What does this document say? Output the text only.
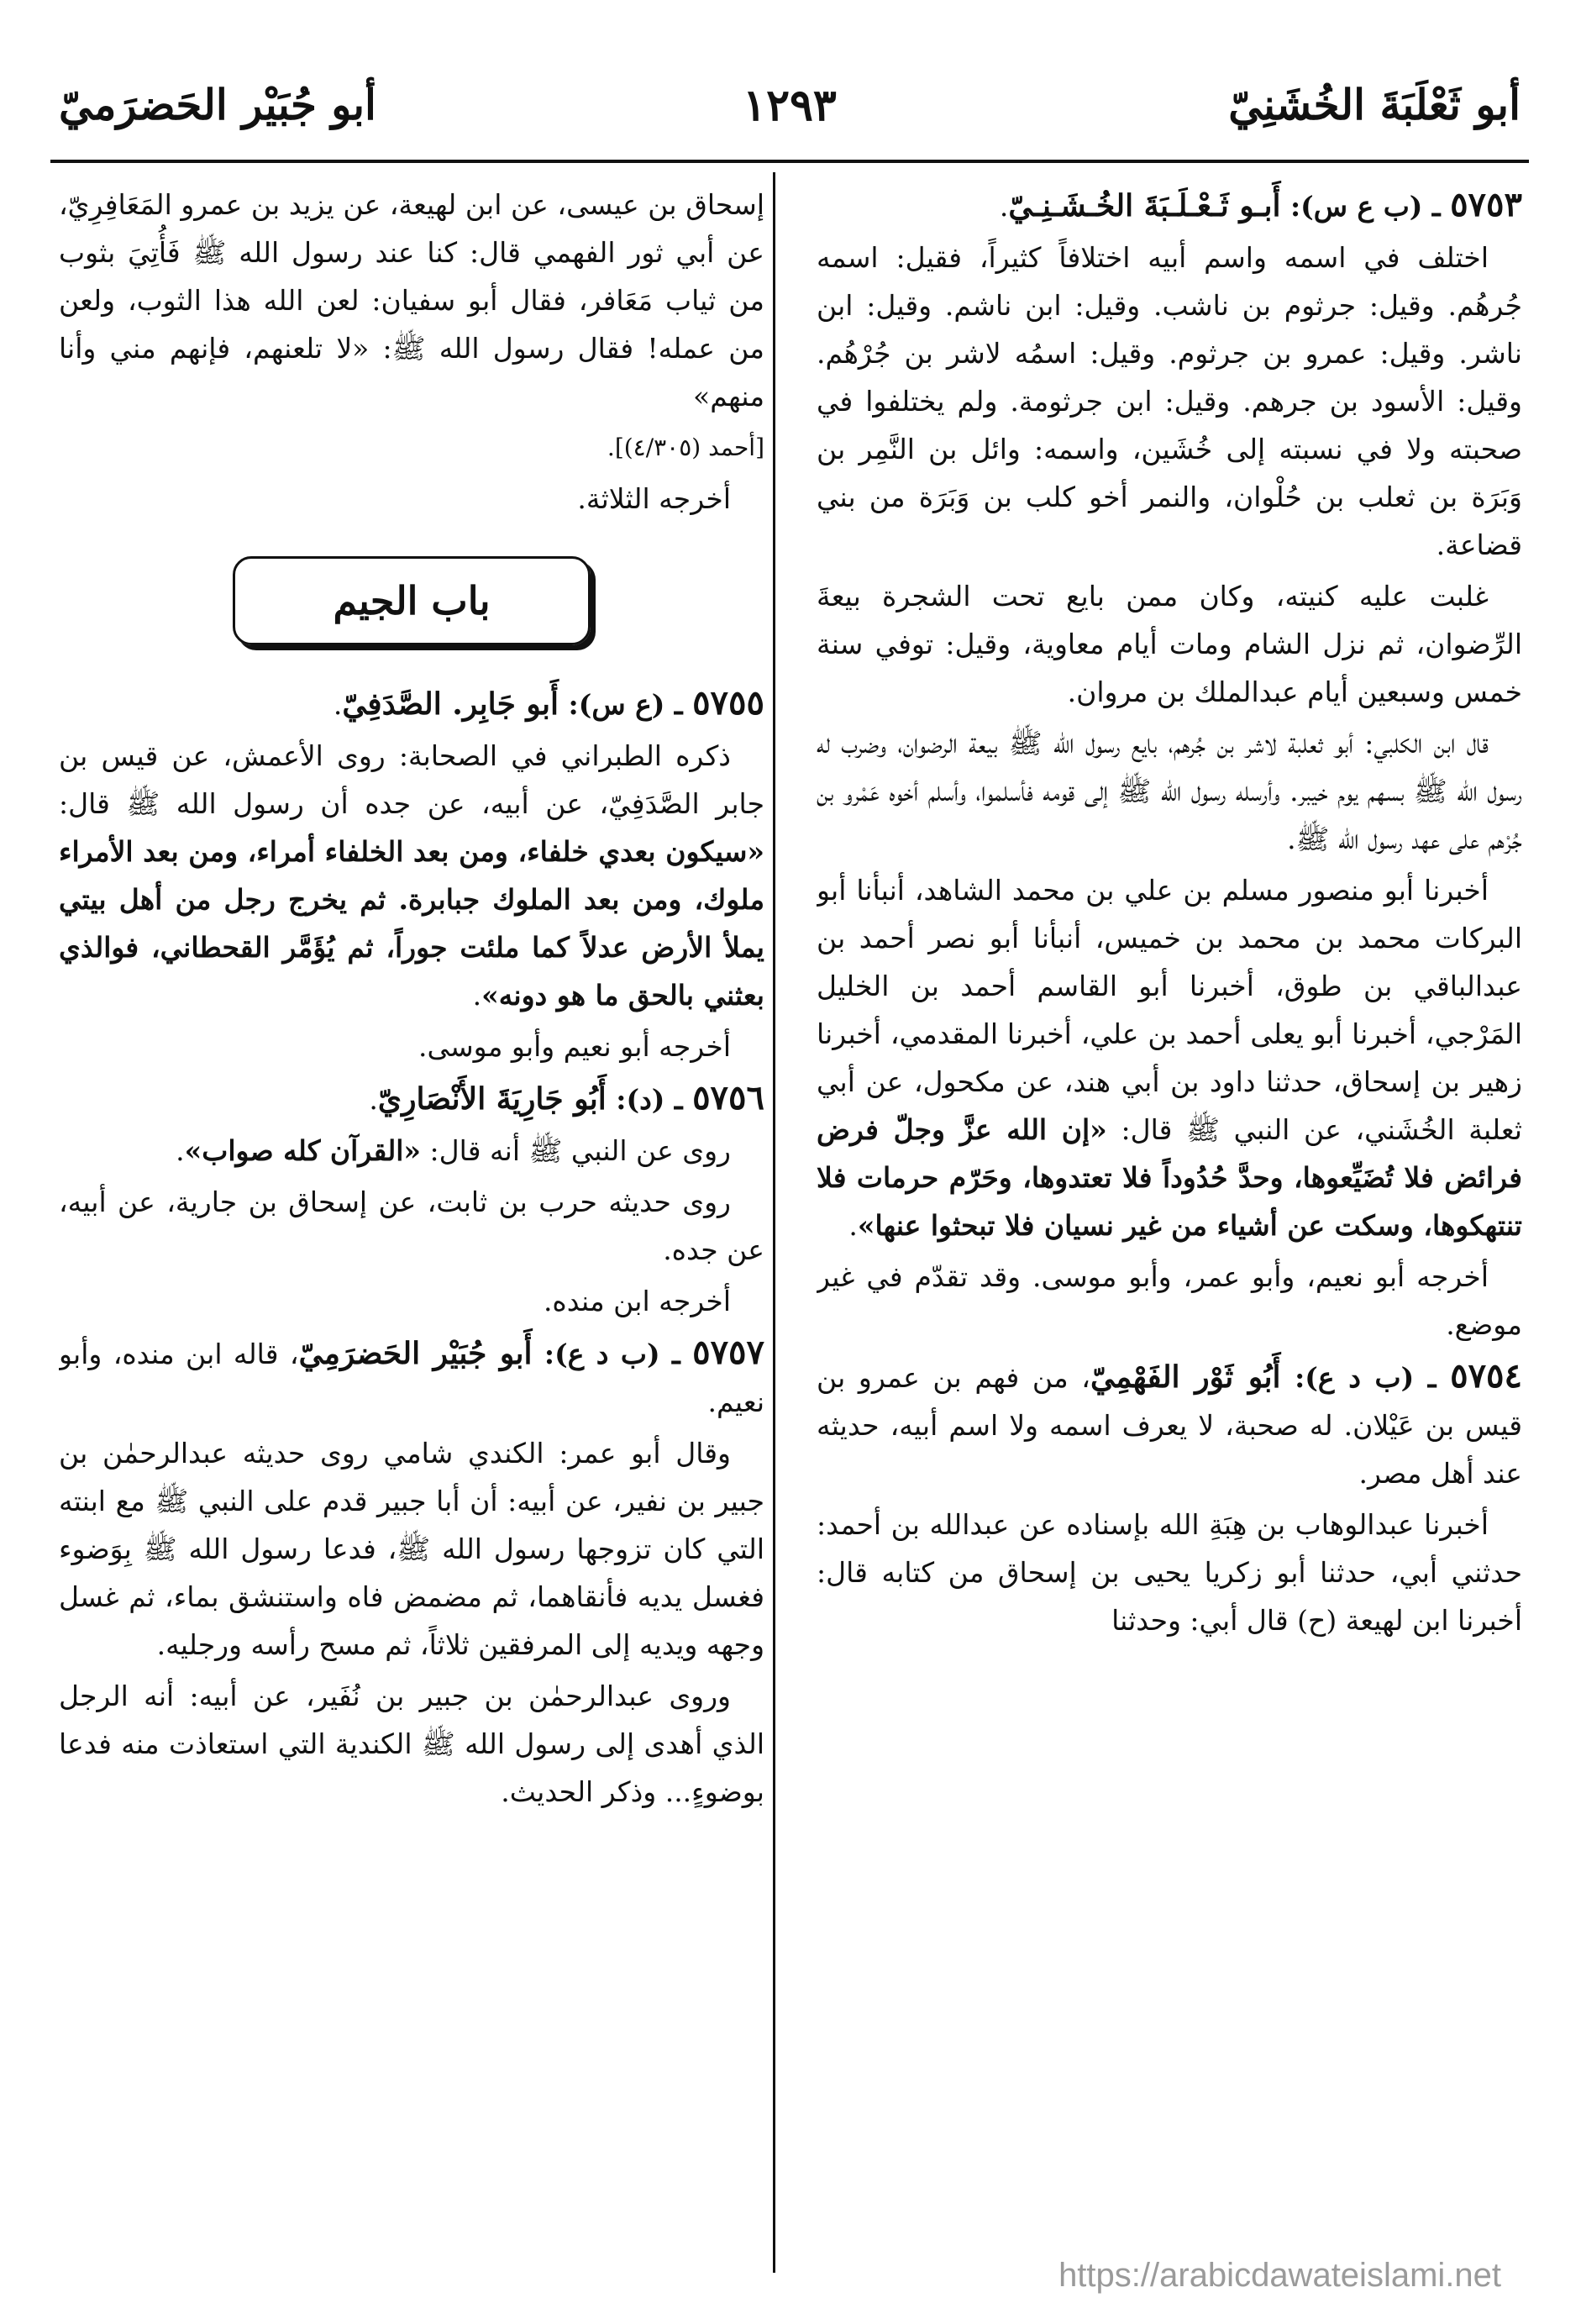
أبو ثَعْلَبَةَ الخُشَنِيّ
١٢٩٣
أبو جُبَيْر الحَضرَميّ

٥٧٥٣ ـ (ب ع س): أَبـو ثَـعْـلَـبَةَ الخُـشَـنِـيّ.

اختلف في اسمه واسم أبيه اختلافاً كثيراً، فقيل: اسمه جُرهُم. وقيل: جرثوم بن ناشب. وقيل: ابن ناشم. وقيل: ابن ناشر. وقيل: عمرو بن جرثوم. وقيل: اسمُه لاشر بن جُرْهُم. وقيل: الأسود بن جرهم. وقيل: ابن جرثومة. ولم يختلفوا في صحبته ولا في نسبته إلى خُشَين، واسمه: وائل بن النَّمِر بن وَبَرَة بن ثعلب بن حُلْوان، والنمر أخو كلب بن وَبَرَة من بني قضاعة.

غلبت عليه كنيته، وكان ممن بايع تحت الشجرة بيعةَ الرِّضوان، ثم نزل الشام ومات أيام معاوية، وقيل: توفي سنة خمس وسبعين أيام عبدالملك بن مروان.

قال ابن الكلبي: أبو ثعلبة لاشر بن جُرهم، بايع رسول الله ﷺ بيعة الرضوان، وضرب له رسول الله ﷺ بسهم يوم خيبر. وأرسله رسول الله ﷺ إلى قومه فأسلموا، وأسلم أخوه عَمْرو بن جُرْهم على عهد رسول الله ﷺ.

أخبرنا أبو منصور مسلم بن علي بن محمد الشاهد، أنبأنا أبو البركات محمد بن محمد بن خميس، أنبأنا أبو نصر أحمد بن عبدالباقي بن طوق، أخبرنا أبو القاسم أحمد بن الخليل المَرْجي، أخبرنا أبو يعلى أحمد بن علي، أخبرنا المقدمي، أخبرنا زهير بن إسحاق، حدثنا داود بن أبي هند، عن مكحول، عن أبي ثعلبة الخُشَني، عن النبي ﷺ قال: «إن الله عزَّ وجلّ فرض فرائض فلا تُضَيِّعوها، وحدَّ حُدُوداً فلا تعتدوها، وحَرّم حرمات فلا تنتهكوها، وسكت عن أشياء من غير نسيان فلا تبحثوا عنها».

أخرجه أبو نعيم، وأبو عمر، وأبو موسى. وقد تقدّم في غير موضع.

٥٧٥٤ ـ (ب د ع): أَبُو ثَوْر الفَهْمِيّ، من فهم بن عمرو بن قيس بن عَيْلان. له صحبة، لا يعرف اسمه ولا اسم أبيه، حديثه عند أهل مصر.

أخبرنا عبدالوهاب بن هِبَةِ الله بإسناده عن عبدالله بن أحمد: حدثني أبي، حدثنا أبو زكريا يحيى بن إسحاق من كتابه قال: أخبرنا ابن لهيعة (ح) قال أبي: وحدثنا

إسحاق بن عيسى، عن ابن لهيعة، عن يزيد بن عمرو المَعَافِرِيّ، عن أبي ثور الفهمي قال: كنا عند رسول الله ﷺ فَأُتِيَ بثوب من ثياب مَعَافر، فقال أبو سفيان: لعن الله هذا الثوب، ولعن من عمله! فقال رسول الله ﷺ: «لا تلعنهم، فإنهم مني وأنا منهم»

[أحمد (٤/٣٠٥)].

أخرجه الثلاثة.

باب الجيم

٥٧٥٥ ـ (ع س): أَبو جَابِر. الصَّدَفِيّ.

ذكره الطبراني في الصحابة: روى الأعمش، عن قيس بن جابر الصَّدَفِيّ، عن أبيه، عن جده أن رسول الله ﷺ قال: «سيكون بعدي خلفاء، ومن بعد الخلفاء أمراء، ومن بعد الأمراء ملوك، ومن بعد الملوك جبابرة. ثم يخرج رجل من أهل بيتي يملأ الأرض عدلاً كما ملئت جوراً، ثم يُؤَمَّر القحطاني، فوالذي بعثني بالحق ما هو دونه».

أخرجه أبو نعيم وأبو موسى.

٥٧٥٦ ـ (د): أَبُو جَارِيَةَ الأَنْصَارِيّ.

روى عن النبي ﷺ أنه قال: «القرآن كله صواب».

روى حديثه حرب بن ثابت، عن إسحاق بن جارية، عن أبيه، عن جده.

أخرجه ابن منده.

٥٧٥٧ ـ (ب د ع): أَبو جُبَيْر الحَضرَمِيّ، قاله ابن منده، وأبو نعيم.

وقال أبو عمر: الكندي شامي روى حديثه عبدالرحمٰن بن جبير بن نفير، عن أبيه: أن أبا جبير قدم على النبي ﷺ مع ابنته التي كان تزوجها رسول الله ﷺ، فدعا رسول الله ﷺ بِوَضوء فغسل يديه فأنقاهما، ثم مضمض فاه واستنشق بماء، ثم غسل وجهه ويديه إلى المرفقين ثلاثاً، ثم مسح رأسه ورجليه.

وروى عبدالرحمٰن بن جبير بن نُفَير، عن أبيه: أنه الرجل الذي أهدى إلى رسول الله ﷺ الكندية التي استعاذت منه فدعا بوضوءٍ... وذكر الحديث.

https://arabicdawateislami.net
